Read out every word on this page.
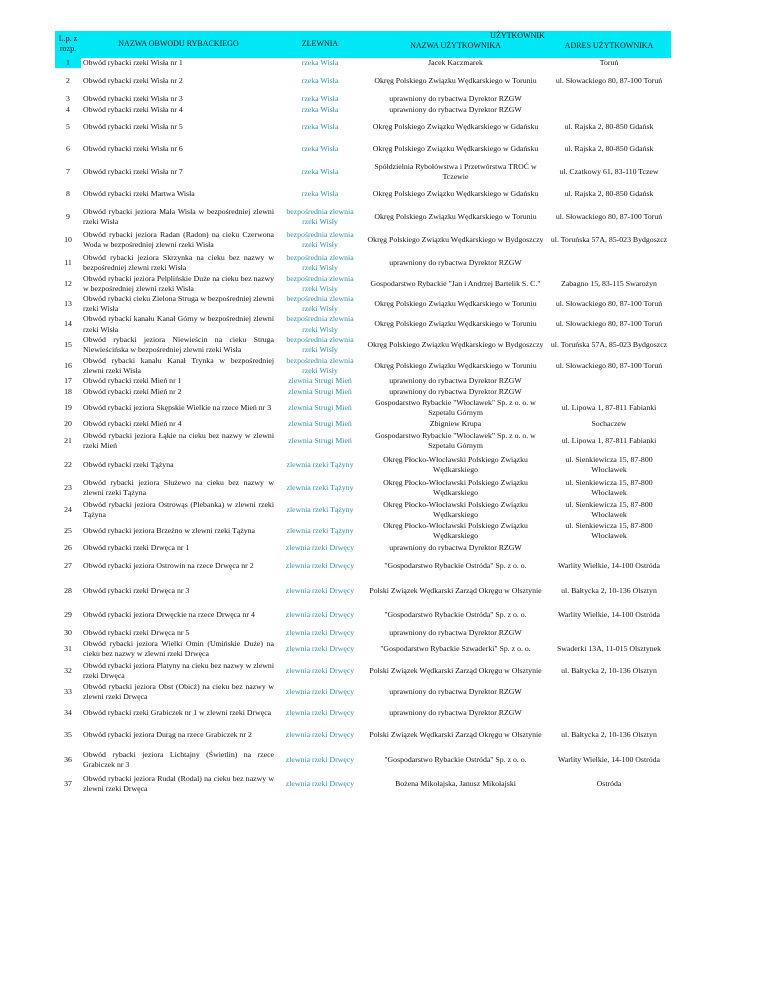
L.p. z rozp.	NAZWA OBWODU RYBACKIEGO	ZLEWNIA	UŻYTKOWNIK	
			NAZWA UŻYTKOWNIKA	ADRES UŻYTKOWNIKA

1	Obwód rybacki rzeki Wisła nr 1	rzeka Wisła	Jacek Kaczmarek	Toruń
2	Obwód rybacki rzeki Wisła nr 2	rzeka Wisła	Okręg Polskiego Związku Wędkarskiego w Toruniu	ul. Słowackiego 80, 87-100 Toruń
3	Obwód rybacki rzeki Wisła nr 3	rzeka Wisła	uprawniony do rybactwa Dyrektor RZGW	
4	Obwód rybacki rzeki Wisła nr 4	rzeka Wisła	uprawniony do rybactwa Dyrektor RZGW	
5	Obwód rybacki rzeki Wisła nr 5	rzeka Wisła	Okręg Polskiego Związku Wędkarskiego w Gdańsku	ul. Rajska 2, 80-850 Gdańsk
6	Obwód rybacki rzeki Wisła nr 6	rzeka Wisła	Okręg Polskiego Związku Wędkarskiego w Gdańsku	ul. Rajska 2, 80-850 Gdańsk
7	Obwód rybacki rzeki Wisła nr 7	rzeka Wisła	Spółdzielnia Rybołówstwa i Przetwórstwa TROĆ w Tczewie	ul. Czatkowy 61, 83-110 Tczew
8	Obwód rybacki rzeki Martwa Wisła	rzeka Wisła	Okręg Polskiego Związku Wędkarskiego w Gdańsku	ul. Rajska 2, 80-850 Gdańsk
9	Obwód rybacki jeziora Mała Wisła w bezpośredniej zlewni rzeki Wisła	bezpośrednia zlewnia rzeki Wisły	Okręg Polskiego Związku Wędkarskiego w Toruniu	ul. Słowackiego 80, 87-100 Toruń
10	Obwód rybacki jeziora Radan (Radon) na cieku Czerwona Woda w bezpośredniej zlewni rzeki Wisła	bezpośrednia zlewnia rzeki Wisły	Okręg Polskiego Związku Wędkarskiego w Bydgoszczy	ul. Toruńska 57A, 85-023 Bydgoszcz
11	Obwód rybacki jeziora Skrzynka na cieku bez nazwy w bezpośredniej zlewni rzeki Wisła	bezpośrednia zlewnia rzeki Wisły	uprawniony do rybactwa Dyrektor RZGW	
12	Obwód rybacki jeziora Pelplińskie Duże na cieku bez nazwy w bezpośredniej zlewni rzeki Wisła	bezpośrednia zlewnia rzeki Wisły	Gospodarstwo Rybackie "Jan i Andrzej Bartelik S. C."	Zabagno 15, 83-115 Swarożyn
13	Obwód rybacki cieku Zielona Struga w bezpośredniej zlewni rzeki Wisła	bezpośrednia zlewnia rzeki Wisły	Okręg Polskiego Związku Wędkarskiego w Toruniu	ul. Słowackiego 80, 87-100 Toruń
14	Obwód rybacki kanału Kanał Górny w bezpośredniej zlewni rzeki Wisła	bezpośrednia zlewnia rzeki Wisły	Okręg Polskiego Związku Wędkarskiego w Toruniu	ul. Słowackiego 80, 87-100 Toruń
15	Obwód rybacki jeziora Niewieścin na cieku Struga Niewieścińska w bezpośredniej zlewni rzeki Wisła	bezpośrednia zlewnia rzeki Wisły	Okręg Polskiego Związku Wędkarskiego w Bydgoszczy	ul. Toruńska 57A, 85-023 Bydgoszcz
16	Obwód rybacki kanału Kanał Trynka w bezpośredniej zlewni rzeki Wisła	bezpośrednia zlewnia rzeki Wisły	Okręg Polskiego Związku Wędkarskiego w Toruniu	ul. Słowackiego 80, 87-100 Toruń
17	Obwód rybacki rzeki Mień nr 1	zlewnia Strugi Mień	uprawniony do rybactwa Dyrektor RZGW	
18	Obwód rybacki rzeki Mień nr 2	zlewnia Strugi Mień	uprawniony do rybactwa Dyrektor RZGW	
19	Obwód rybacki jeziora Skępskie Wielkie na rzece Mień nr 3	zlewnia Strugi Mień	Gospodarstwo Rybackie "Włocławek" Sp. z o. o. w Szpetalu Górnym	ul. Lipowa 1, 87-811 Fabianki
20	Obwód rybacki rzeki Mień nr 4	zlewnia Strugi Mień	Zbigniew Krupa	Sochaczew
21	Obwód rybacki jeziora Łąkie na cieku bez nazwy w zlewni rzeki Mień	zlewnia Strugi Mień	Gospodarstwo Rybackie "Włocławek" Sp. z o. o. w Szpetalu Górnym	ul. Lipowa 1, 87-811 Fabianki
22	Obwód rybacki rzeki Tążyna	zlewnia rzeki Tążyny	Okręg Płocko-Włocławski Polskiego Związku Wędkarskiego	ul. Sienkiewicza 15, 87-800 Włocławek
23	Obwód rybacki jeziora Służewo na cieku bez nazwy w zlewni rzeki Tążyna	zlewnia rzeki Tążyny	Okręg Płocko-Włocławski Polskiego Związku Wędkarskiego	ul. Sienkiewicza 15, 87-800 Włocławek
24	Obwód rybacki jeziora Ostrowąs (Plebanka) w zlewni rzeki Tążyna	zlewnia rzeki Tążyny	Okręg Płocko-Włocławski Polskiego Związku Wędkarskiego	ul. Sienkiewicza 15, 87-800 Włocławek
25	Obwód rybacki jeziora Brzeźno w zlewni rzeki Tążyna	zlewnia rzeki Tążyny	Okręg Płocko-Włocławski Polskiego Związku Wędkarskiego	ul. Sienkiewicza 15, 87-800 Włocławek
26	Obwód rybacki rzeki Drwęca nr 1	zlewnia rzeki Drwęcy	uprawniony do rybactwa Dyrektor RZGW	
27	Obwód rybacki jeziora Ostrowin na rzece Drwęca nr 2	zlewnia rzeki Drwęcy	"Gospodarstwo Rybackie Ostróda" Sp. z o. o.	Warlity Wielkie, 14-100 Ostróda
28	Obwód rybacki rzeki Drwęca nr 3	zlewnia rzeki Drwęcy	Polski Związek Wędkarski Zarząd Okręgu w Olsztynie	ul. Bałtycka 2, 10-136 Olsztyn
29	Obwód rybacki jeziora Drwęckie na rzece Drwęca nr 4	zlewnia rzeki Drwęcy	"Gospodarstwo Rybackie Ostróda" Sp. z o. o.	Warlity Wielkie, 14-100 Ostróda
30	Obwód rybacki rzeki Drwęca nr 5	zlewnia rzeki Drwęcy	uprawniony do rybactwa Dyrektor RZGW	
31	Obwód rybacki jeziora Wielki Omin (Umińskie Duże) na cieku bez nazwy w zlewni rzeki Drwęca	zlewnia rzeki Drwęcy	"Gospodarstwo Rybackie Szwaderki" Sp. z o. o.	Swaderki 13A, 11-015 Olsztynek
32	Obwód rybacki jeziora Platyny na cieku bez nazwy w zlewni rzeki Drwęca	zlewnia rzeki Drwęcy	Polski Związek Wędkarski Zarząd Okręgu w Olsztynie	ul. Bałtycka 2, 10-136 Olsztyn
33	Obwód rybacki jeziora Obst (Obicż) na cieku bez nazwy w zlewni rzeki Drwęca	zlewnia rzeki Drwęcy	uprawniony do rybactwa Dyrektor RZGW	
34	Obwód rybacki rzeki Grabiczek nr 1 w zlewni rzeki Drwęca	zlewnia rzeki Drwęcy	uprawniony do rybactwa Dyrektor RZGW	
35	Obwód rybacki jeziora Durąg na rzece Grabiczek nr 2	zlewnia rzeki Drwęcy	Polski Związek Wędkarski Zarząd Okręgu w Olsztynie	ul. Bałtycka 2, 10-136 Olsztyn
36	Obwód rybacki jeziora Lichtajny (Świetlin) na rzece Grabiczek nr 3	zlewnia rzeki Drwęcy	"Gospodarstwo Rybackie Ostróda" Sp. z o. o.	Warlity Wielkie, 14-100 Ostróda
37	Obwód rybacki jeziora Rudal (Rodal) na cieku bez nazwy w zlewni rzeki Drwęca	zlewnia rzeki Drwęcy	Bożena Mikołajska, Janusz Mikołajski	Ostróda
